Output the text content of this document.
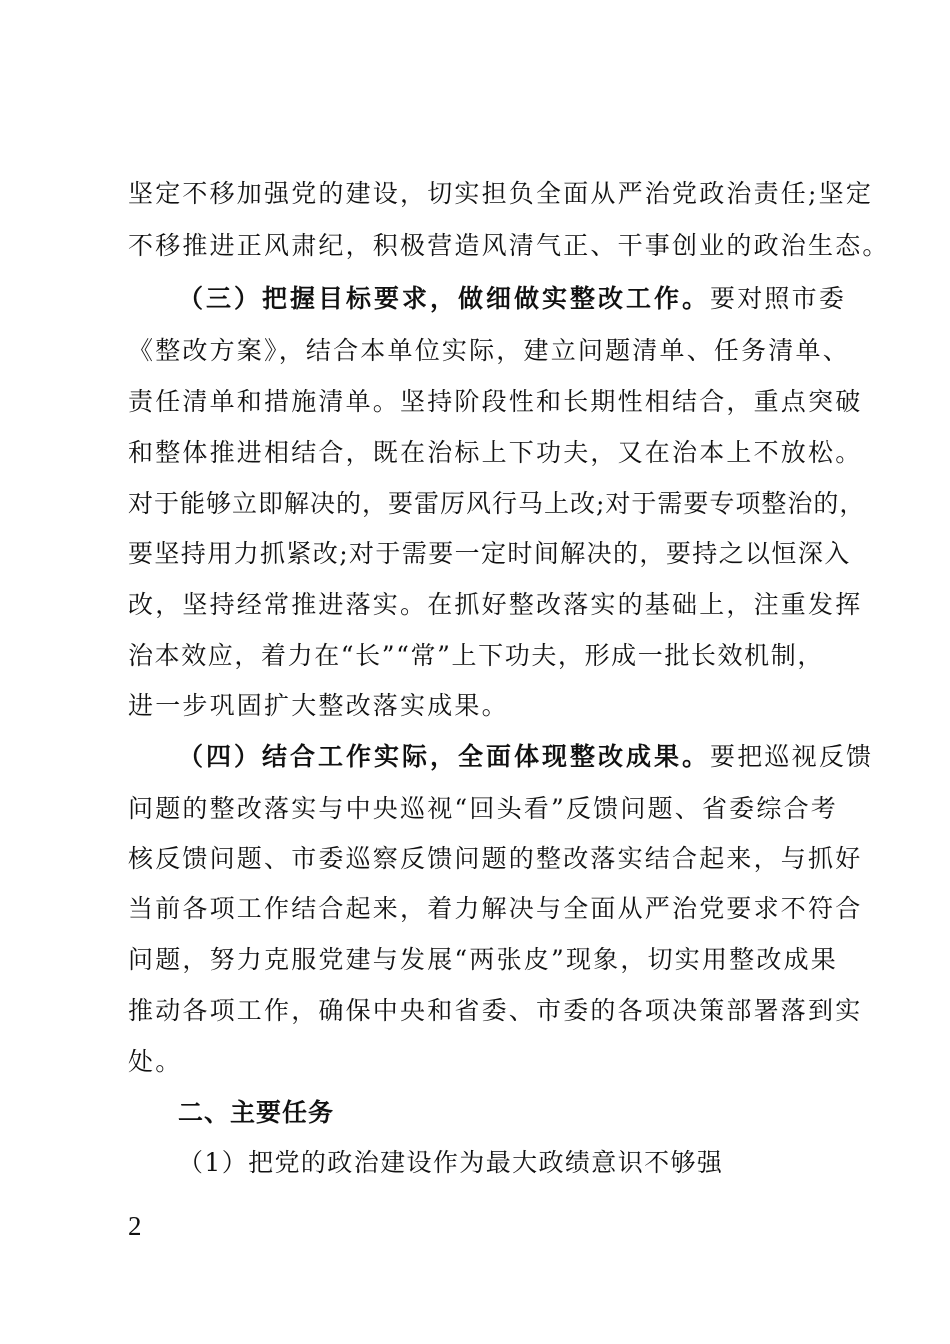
坚定不移加强党的建设，切实担负全面从严治党政治责任;坚定
不移推进正风肃纪，积极营造风清气正、干事创业的政治生态。
（三）把握目标要求，做细做实整改工作。要对照市委
《整改方案》，结合本单位实际，建立问题清单、任务清单、
责任清单和措施清单。坚持阶段性和长期性相结合，重点突破
和整体推进相结合，既在治标上下功夫，又在治本上不放松。
对于能够立即解决的，要雷厉风行马上改;对于需要专项整治的，
要坚持用力抓紧改;对于需要一定时间解决的，要持之以恒深入
改，坚持经常推进落实。在抓好整改落实的基础上，注重发挥
治本效应，着力在“长”“常”上下功夫，形成一批长效机制，
进一步巩固扩大整改落实成果。
（四）结合工作实际，全面体现整改成果。要把巡视反馈
问题的整改落实与中央巡视“回头看”反馈问题、省委综合考
核反馈问题、市委巡察反馈问题的整改落实结合起来，与抓好
当前各项工作结合起来，着力解决与全面从严治党要求不符合
问题，努力克服党建与发展“两张皮”现象，切实用整改成果
推动各项工作，确保中央和省委、市委的各项决策部署落到实
处。
二、主要任务
（1）把党的政治建设作为最大政绩意识不够强
2
